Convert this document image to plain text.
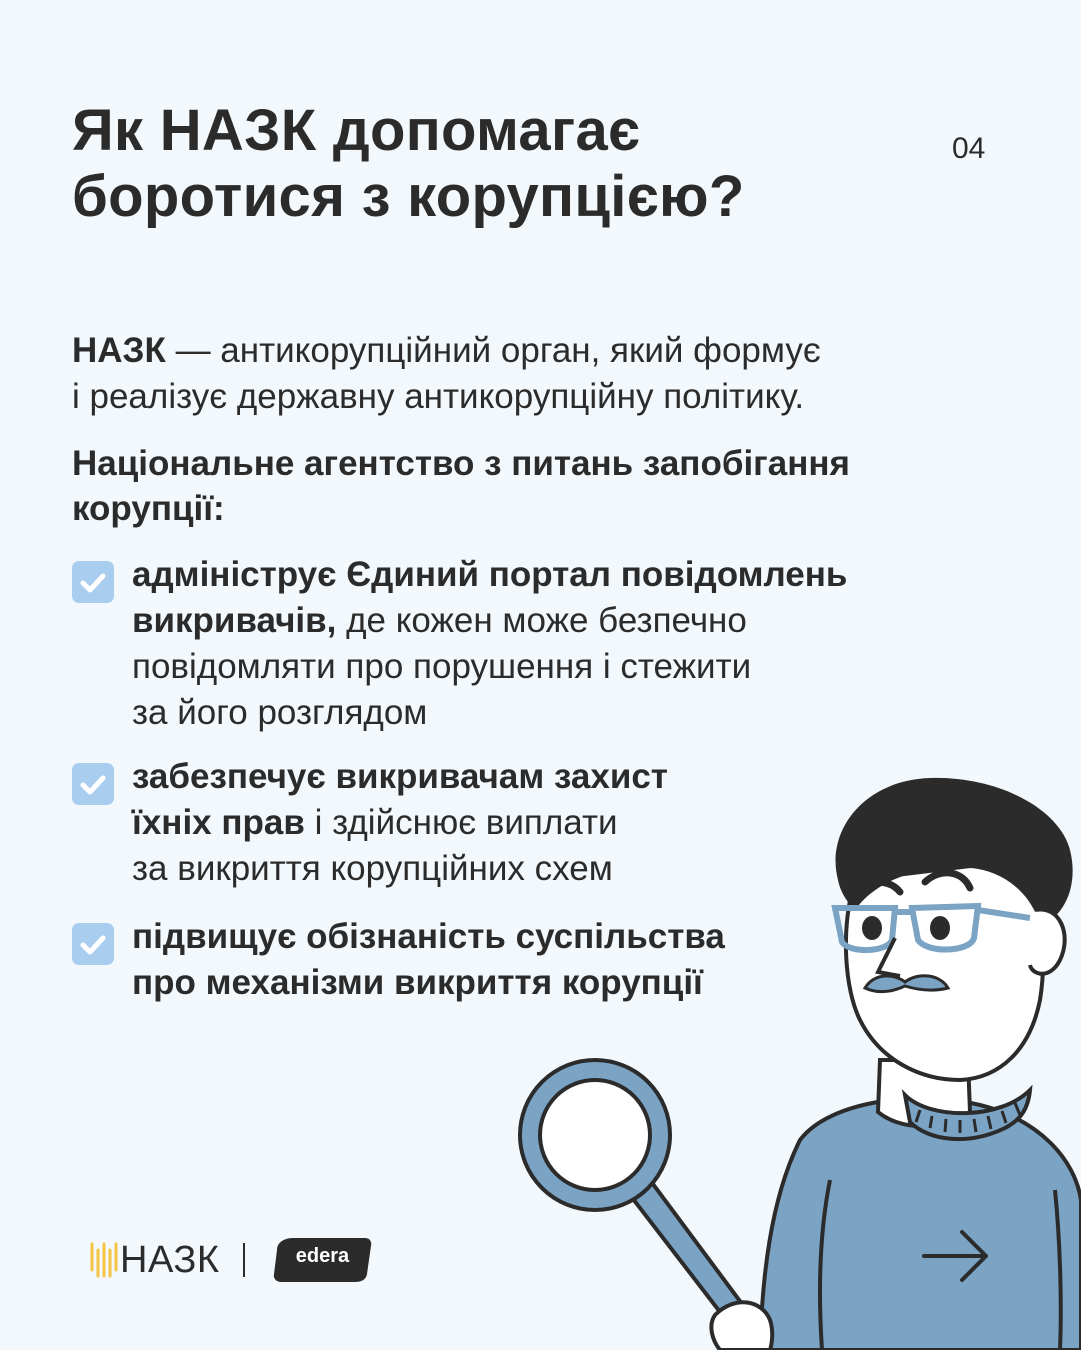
Як НАЗК допомагає
боротися з корупцією?
04

НАЗК — антикорупційний орган, який формує
і реалізує державну антикорупційну політику.

Національне агентство з питань запобігання
корупції:

адмініструє Єдиний портал повідомлень
викривачів, де кожен може безпечно
повідомляти про порушення і стежити
за його розглядом
забезпечує викривачам захист
їхніх прав і здійснює виплати
за викриття корупційних схем
підвищує обізнаність суспільства
про механізми викриття корупції
НАЗК	edera
